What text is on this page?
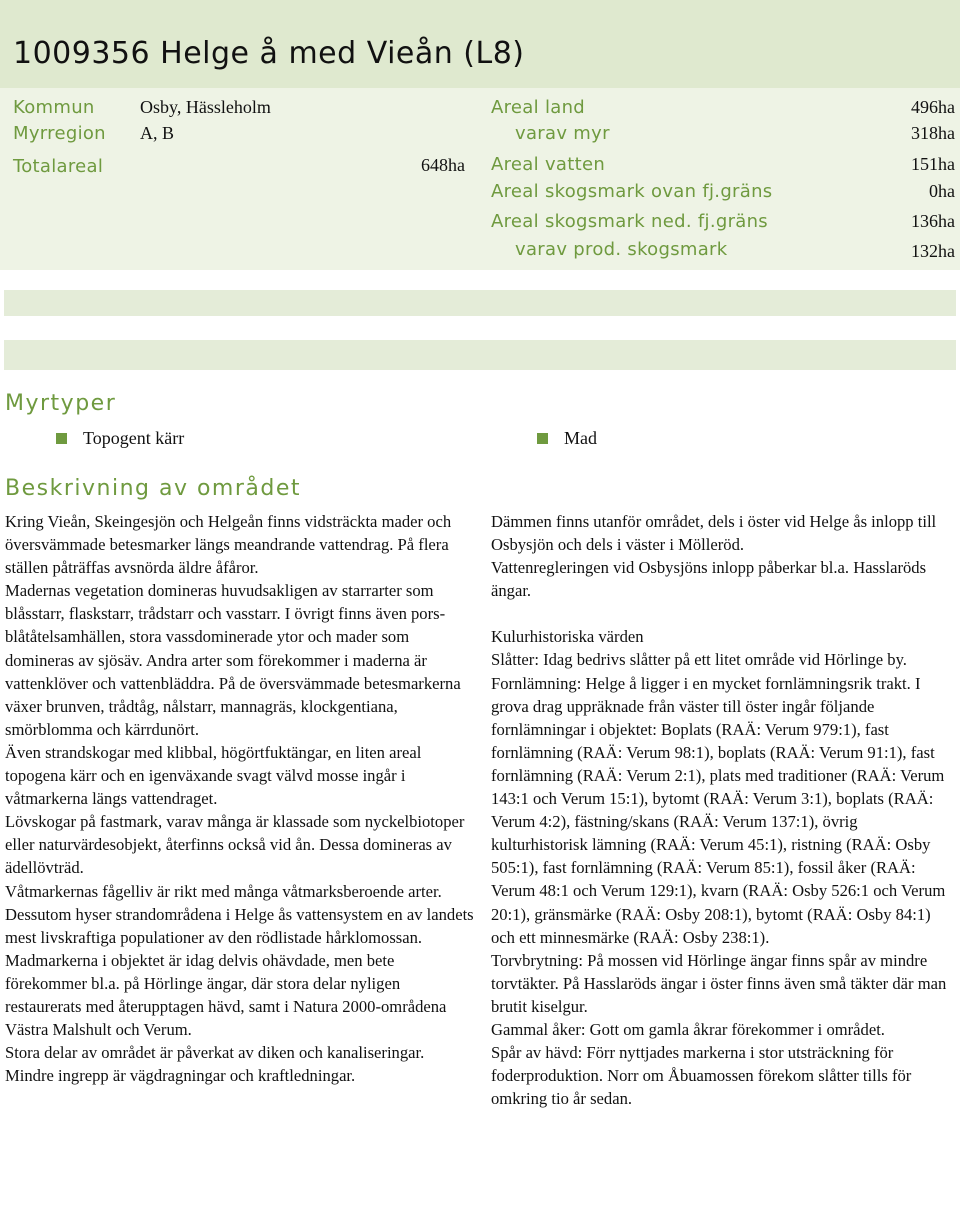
1009356 Helge å med Vieån (L8)
Kommun	Osby, Hässleholm
Myrregion A, B
Totalareal	648ha
Areal land	496ha
varav myr	318ha
Areal vatten	151ha
Areal skogsmark ovan fj.gräns	0ha
Areal skogsmark ned. fj.gräns	136ha
varav prod. skogsmark	132ha
Myrtyper
Topogent kärr	Mad
Beskrivning av området

Kring Vieån, Skeingesjön och Helgeån finns vidsträckta mader och översvämmade betesmarker längs meandrande vattendrag. På flera ställen påträffas avsnörda äldre åfåror.

Madernas vegetation domineras huvudsakligen av starrarter som blåsstarr, flaskstarr, trådstarr och vasstarr. I övrigt finns även pors-blåtåtelsamhällen, stora vassdominerade ytor och mader som domineras av sjösäv. Andra arter som förekommer i maderna är vattenklöver och vattenbläddra. På de översvämmade betesmarkerna växer brunven, trådtåg, nålstarr, mannagräs, klockgentiana, smörblomma och kärrdunört.

Även strandskogar med klibbal, högörtfuktängar, en liten areal topogena kärr och en igenväxande svagt välvd mosse ingår i våtmarkerna längs vattendraget.

Lövskogar på fastmark, varav många är klassade som nyckelbiotoper eller naturvärdesobjekt, återfinns också vid ån. Dessa domineras av ädellövträd.

Våtmarkernas fågelliv är rikt med många våtmarksberoende arter. Dessutom hyser strandområdena i Helge ås vattensystem en av landets mest livskraftiga populationer av den rödlistade hårklomossan.

Madmarkerna i objektet är idag delvis ohävdade, men bete förekommer bl.a. på Hörlinge ängar, där stora delar nyligen restaurerats med återupptagen hävd, samt i Natura 2000-områdena Västra Malshult och Verum.

Stora delar av området är påverkat av diken och kanaliseringar. Mindre ingrepp är vägdragningar och kraftledningar.

Dämmen finns utanför området, dels i öster vid Helge ås inlopp till Osbysjön och dels i väster i Mölleröd.

Vattenregleringen vid Osbysjöns inlopp påberkar bl.a. Hasslaröds ängar.

Kulurhistoriska värden

Slåtter: Idag bedrivs slåtter på ett litet område vid Hörlinge by.

Fornlämning: Helge å ligger i en mycket fornlämningsrik trakt. I grova drag uppräknade från väster till öster ingår följande fornlämningar i objektet: Boplats (RAÄ: Verum 979:1), fast fornlämning (RAÄ: Verum 98:1), boplats (RAÄ: Verum 91:1), fast fornlämning (RAÄ: Verum 2:1), plats med traditioner (RAÄ: Verum 143:1 och Verum 15:1), bytomt (RAÄ: Verum 3:1), boplats (RAÄ: Verum 4:2), fästning/skans (RAÄ: Verum 137:1), övrig kulturhistorisk lämning (RAÄ: Verum 45:1), ristning (RAÄ: Osby 505:1), fast fornlämning (RAÄ: Verum 85:1), fossil åker (RAÄ: Verum 48:1 och Verum 129:1), kvarn (RAÄ: Osby 526:1 och Verum 20:1), gränsmärke (RAÄ: Osby 208:1), bytomt (RAÄ: Osby 84:1) och ett minnesmärke (RAÄ: Osby 238:1).

Torvbrytning: På mossen vid Hörlinge ängar finns spår av mindre torvtäkter. På Hasslaröds ängar i öster finns även små täkter där man brutit kiselgur.

Gammal åker: Gott om gamla åkrar förekommer i området.

Spår av hävd: Förr nyttjades markerna i stor utsträckning för foderproduktion. Norr om Åbuamossen förekom slåtter tills för omkring tio år sedan.
